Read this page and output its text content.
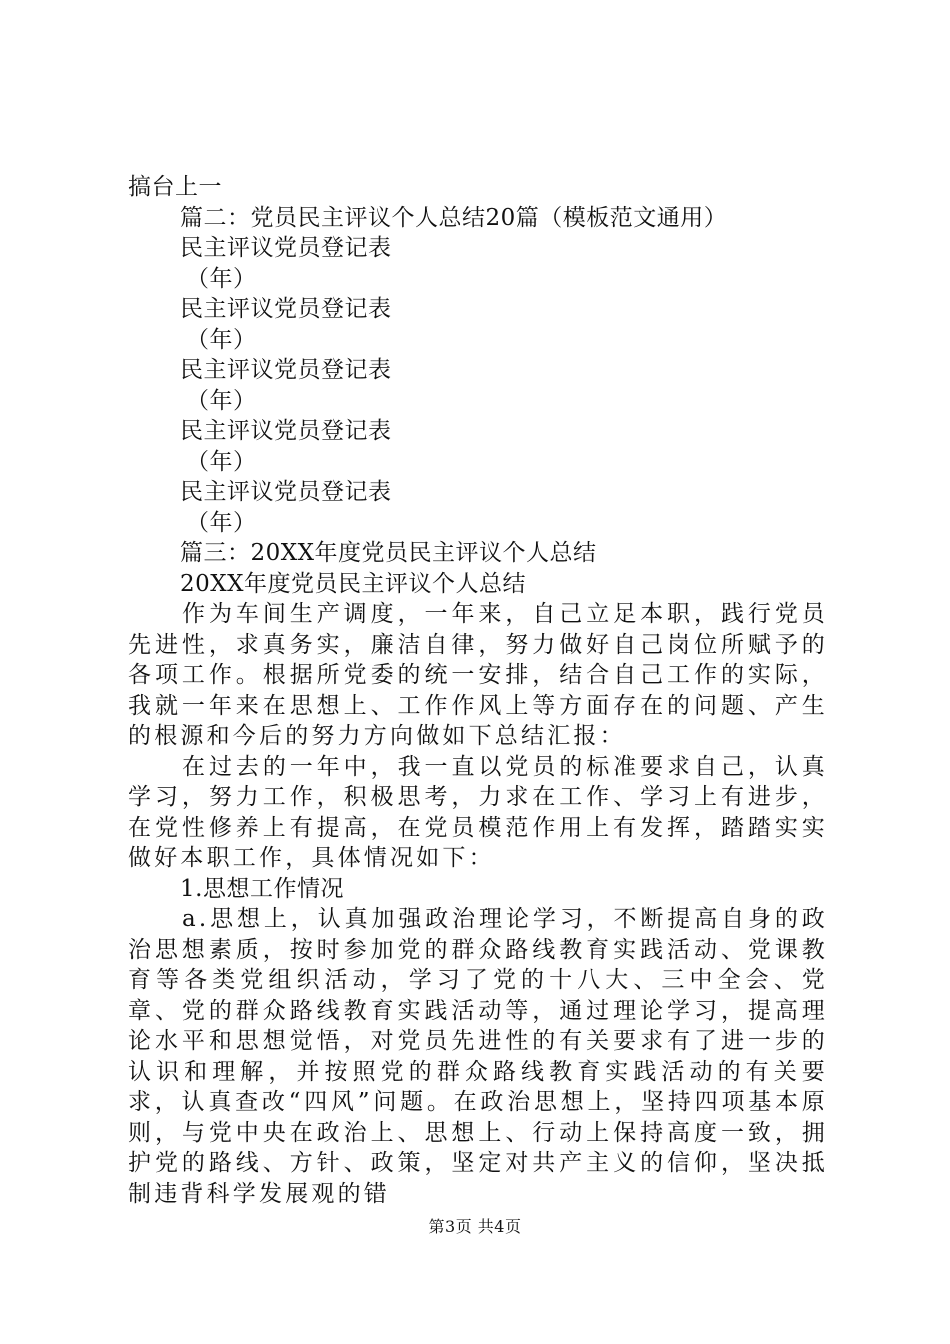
搞台上一
篇二：党员民主评议个人总结20篇（模板范文通用）
民主评议党员登记表
（年）
民主评议党员登记表
（年）
民主评议党员登记表
（年）
民主评议党员登记表
（年）
民主评议党员登记表
（年）
篇三：20XX年度党员民主评议个人总结
20XX年度党员民主评议个人总结
作为车间生产调度，一年来，自己立足本职，践行党员先进性，求真务实，廉洁自律，努力做好自己岗位所赋予的各项工作。根据所党委的统一安排，结合自己工作的实际，我就一年来在思想上、工作作风上等方面存在的问题、产生的根源和今后的努力方向做如下总结汇报：
在过去的一年中，我一直以党员的标准要求自己，认真学习，努力工作，积极思考，力求在工作、学习上有进步，在党性修养上有提高，在党员模范作用上有发挥，踏踏实实做好本职工作，具体情况如下：
1.思想工作情况
a.思想上，认真加强政治理论学习，不断提高自身的政治思想素质，按时参加党的群众路线教育实践活动、党课教育等各类党组织活动，学习了党的十八大、三中全会、党章、党的群众路线教育实践活动等，通过理论学习，提高理论水平和思想觉悟，对党员先进性的有关要求有了进一步的认识和理解，并按照党的群众路线教育实践活动的有关要求，认真查改“四风”问题。在政治思想上，坚持四项基本原则，与党中央在政治上、思想上、行动上保持高度一致，拥护党的路线、方针、政策，坚定对共产主义的信仰，坚决抵制违背科学发展观的错
第3页 共4页
